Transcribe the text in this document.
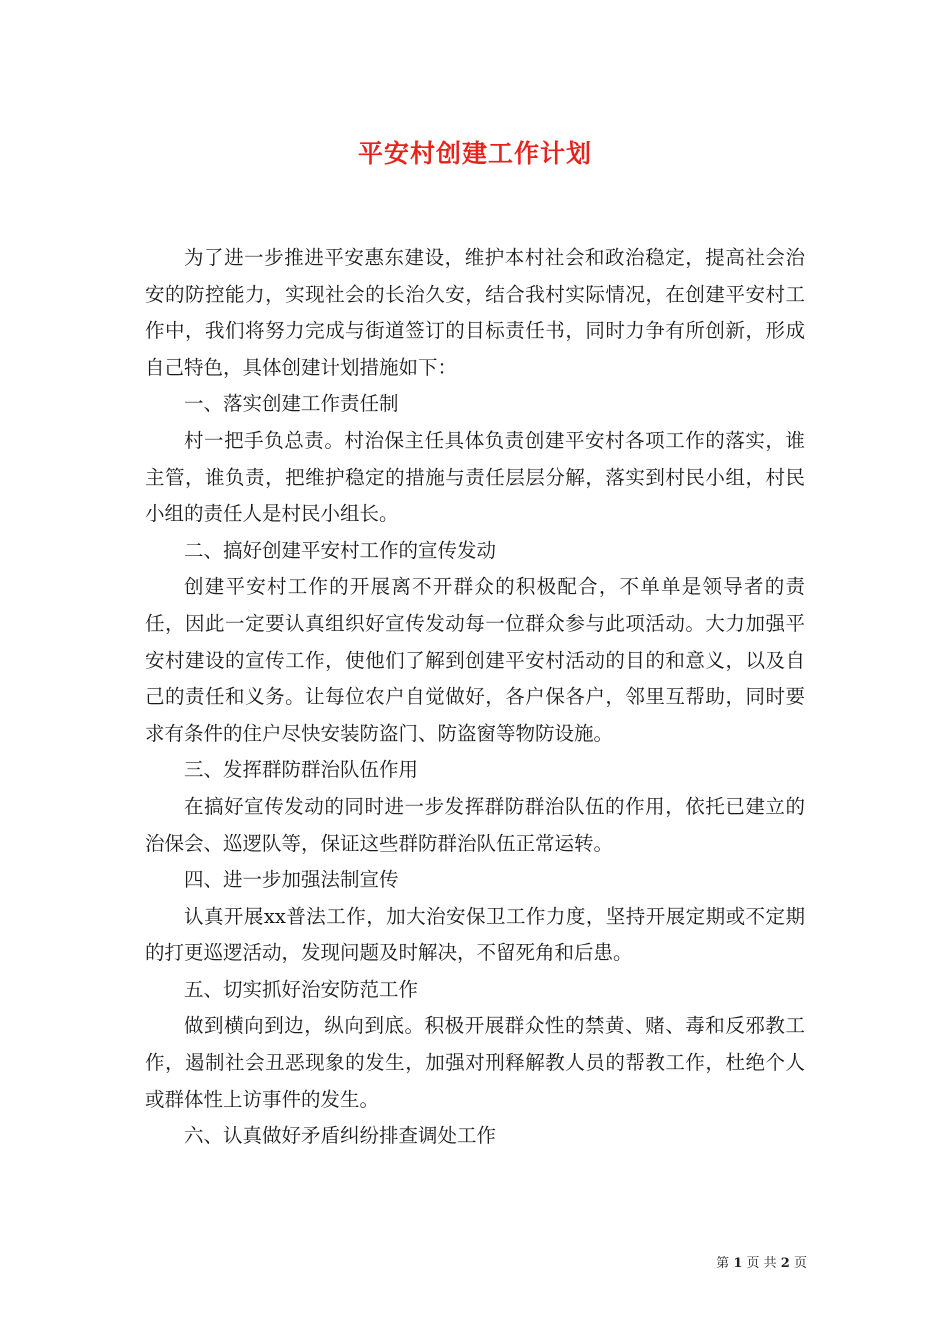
平安村创建工作计划

为了进一步推进平安惠东建设，维护本村社会和政治稳定，提高社会治安的防控能力，实现社会的长治久安，结合我村实际情况，在创建平安村工作中，我们将努力完成与街道签订的目标责任书，同时力争有所创新，形成自己特色，具体创建计划措施如下：

一、落实创建工作责任制

村一把手负总责。村治保主任具体负责创建平安村各项工作的落实，谁主管，谁负责，把维护稳定的措施与责任层层分解，落实到村民小组，村民小组的责任人是村民小组长。

二、搞好创建平安村工作的宣传发动

创建平安村工作的开展离不开群众的积极配合，不单单是领导者的责任，因此一定要认真组织好宣传发动每一位群众参与此项活动。大力加强平安村建设的宣传工作，使他们了解到创建平安村活动的目的和意义，以及自己的责任和义务。让每位农户自觉做好，各户保各户，邻里互帮助，同时要求有条件的住户尽快安装防盗门、防盗窗等物防设施。

三、发挥群防群治队伍作用

在搞好宣传发动的同时进一步发挥群防群治队伍的作用，依托已建立的治保会、巡逻队等，保证这些群防群治队伍正常运转。

四、进一步加强法制宣传

认真开展xx普法工作，加大治安保卫工作力度，坚持开展定期或不定期的打更巡逻活动，发现问题及时解决，不留死角和后患。

五、切实抓好治安防范工作

做到横向到边，纵向到底。积极开展群众性的禁黄、赌、毒和反邪教工作，遏制社会丑恶现象的发生，加强对刑释解教人员的帮教工作，杜绝个人或群体性上访事件的发生。

六、认真做好矛盾纠纷排查调处工作

第 1 页 共 2 页
